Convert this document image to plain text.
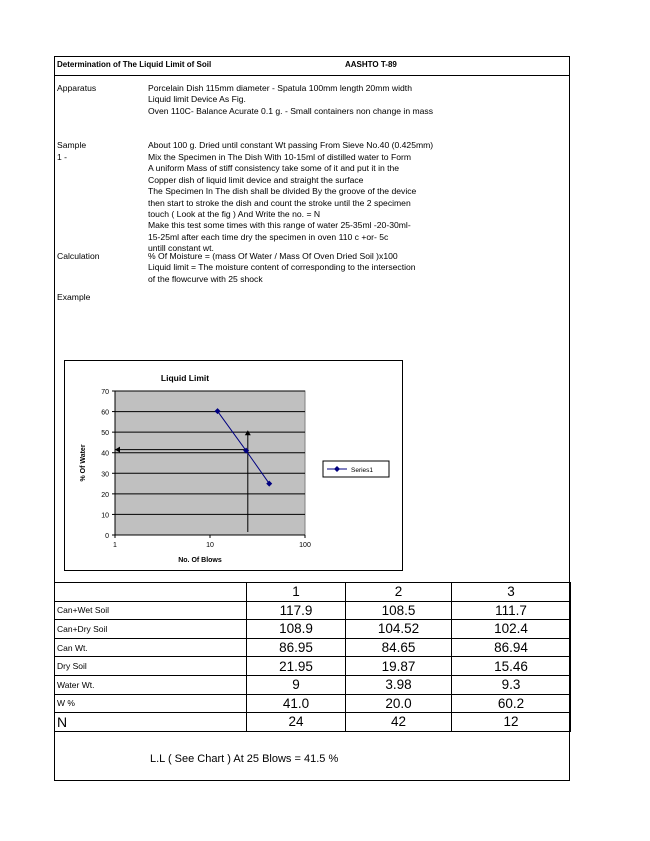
Determination of The Liquid Limit of Soil	AASHTO T-89
Apparatus	Porcelain Dish 115mm diameter - Spatula 100mm length 20mm width
Liquid limit Device As Fig.
Oven 110C- Balance Acurate 0.1 g. - Small containers non change in mass
Sample	About 100 g. Dried until constant Wt passing From Sieve No.40 (0.425mm)
1 -	Mix the Specimen in The Dish With 10-15ml of distilled water to Form
A uniform Mass of stiff consistency take some of it and put it in the
Copper dish of liquid limit device and straight the surface
The Specimen In The dish shall be divided By the groove of the device
then start to stroke the dish and count the stroke until the 2 specimen
touch ( Look at the fig ) And Write the no. = N
Make this test some times with this range of water 25-35ml -20-30ml-
15-25ml after each time dry the specimen in oven 110 c +or- 5c
untill constant wt.
Calculation	% Of Moisture = (mass Of Water / Mass Of Oven Dried Soil )x100
Liquid limit = The moisture content of corresponding to the intersection
of the flowcurve with 25 shock
Example
Liquid Limit
0
10
20
30
40
50
60
70
1	10	100
No. Of Blows
% Of Water	Series1
	1	2	3
Can+Wet Soil	117.9	108.5	111.7
Can+Dry Soil	108.9	104.52	102.4
Can Wt.	86.95	84.65	86.94
Dry Soil	21.95	19.87	15.46
Water Wt.	9	3.98	9.3
W %	41.0	20.0	60.2
N	24	42	12
L.L ( See Chart ) At 25 Blows = 41.5 %
